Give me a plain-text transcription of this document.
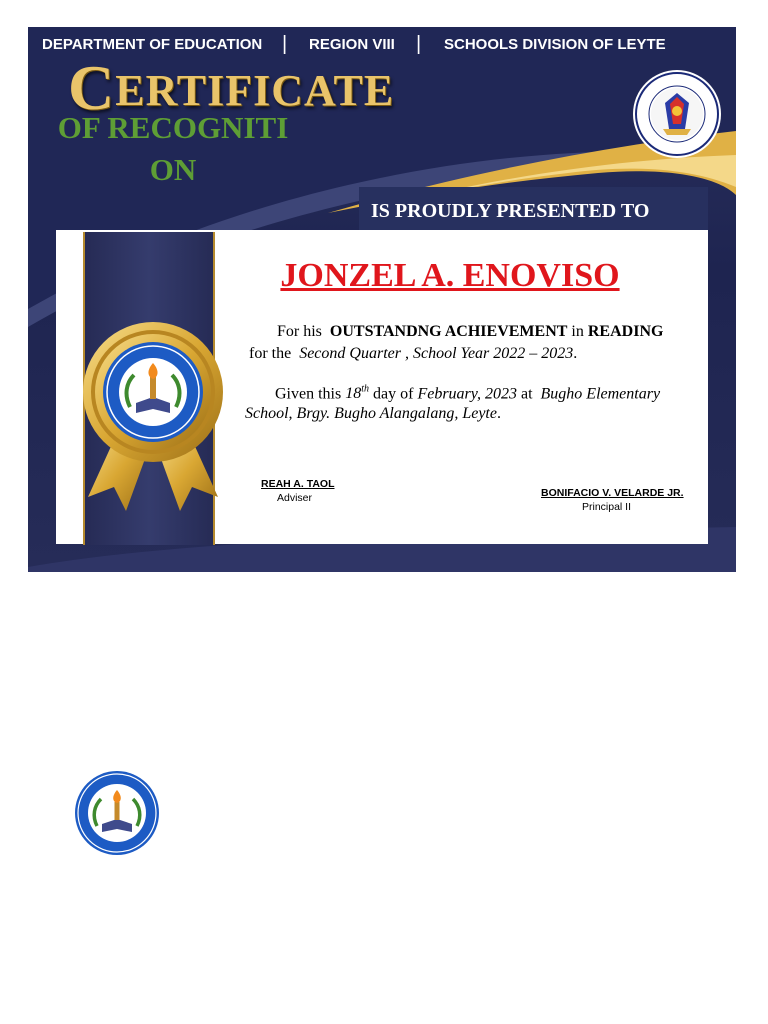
DEPARTMENT OF EDUCATION | REGION VIII | SCHOOLS DIVISION OF LEYTE
CERTIFICATE
OF RECOGNITION
IS PROUDLY PRESENTED TO
JONZEL A. ENOVISO
For his OUTSTANDNG ACHIEVEMENT in READING
for the Second Quarter , School Year 2022 – 2023.
Given this 18th day of February, 2023 at Bugho Elementary
School, Brgy. Bugho Alangalang, Leyte.
REAH A. TAOL
Adviser	BONIFACIO V. VELARDE JR.
Principal II
